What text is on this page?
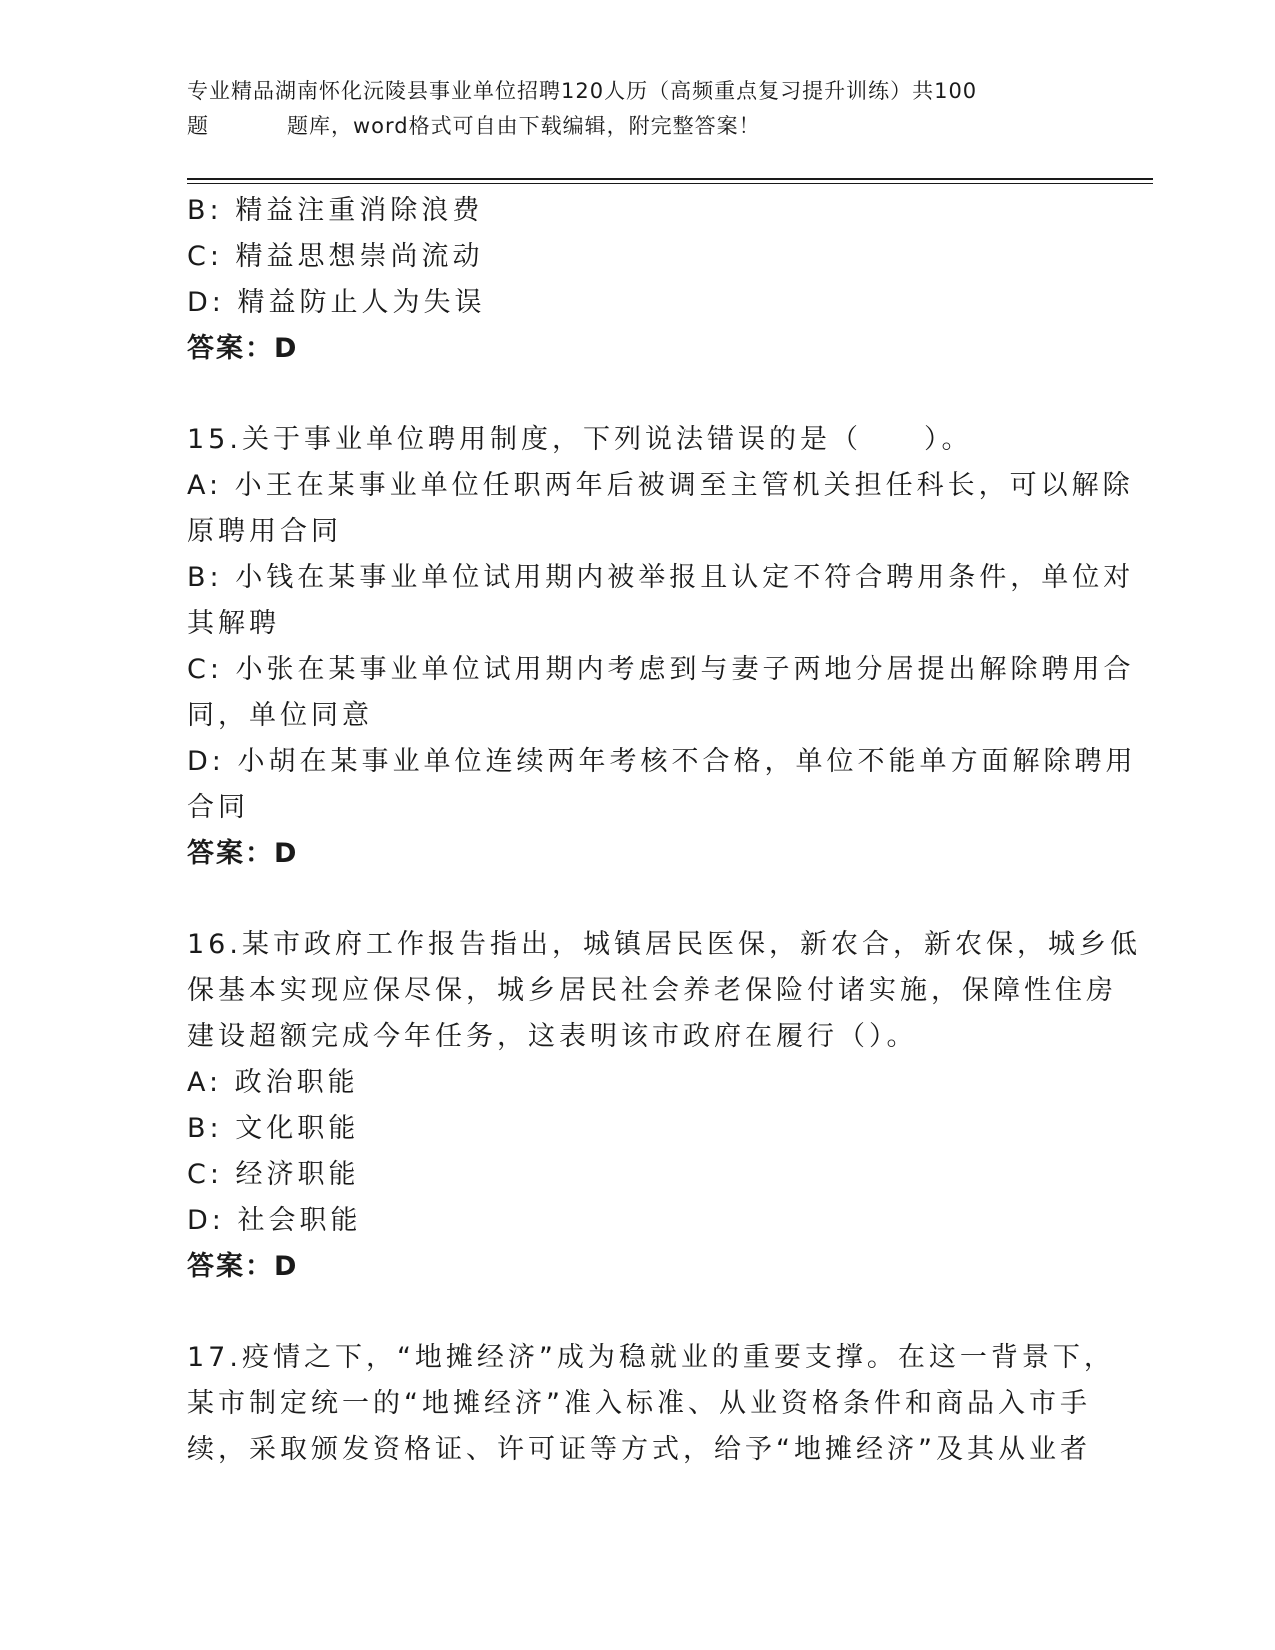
专业精品湖南怀化沅陵县事业单位招聘120人历（高频重点复习提升训练）共100
题	题库，word格式可自由下载编辑，附完整答案！
B: 精益注重消除浪费
C: 精益思想崇尚流动
D: 精益防止人为失误
答案：D
15.关于事业单位聘用制度，下列说法错误的是（　　）。
A: 小王在某事业单位任职两年后被调至主管机关担任科长，可以解除
原聘用合同
B: 小钱在某事业单位试用期内被举报且认定不符合聘用条件，单位对
其解聘
C: 小张在某事业单位试用期内考虑到与妻子两地分居提出解除聘用合
同，单位同意
D: 小胡在某事业单位连续两年考核不合格，单位不能单方面解除聘用
合同
答案：D
16.某市政府工作报告指出，城镇居民医保，新农合，新农保，城乡低
保基本实现应保尽保，城乡居民社会养老保险付诸实施，保障性住房
建设超额完成今年任务，这表明该市政府在履行（）。
A: 政治职能
B: 文化职能
C: 经济职能
D: 社会职能
答案：D
17.疫情之下，“地摊经济”成为稳就业的重要支撑。在这一背景下，
某市制定统一的“地摊经济”准入标准、从业资格条件和商品入市手
续，采取颁发资格证、许可证等方式，给予“地摊经济”及其从业者
